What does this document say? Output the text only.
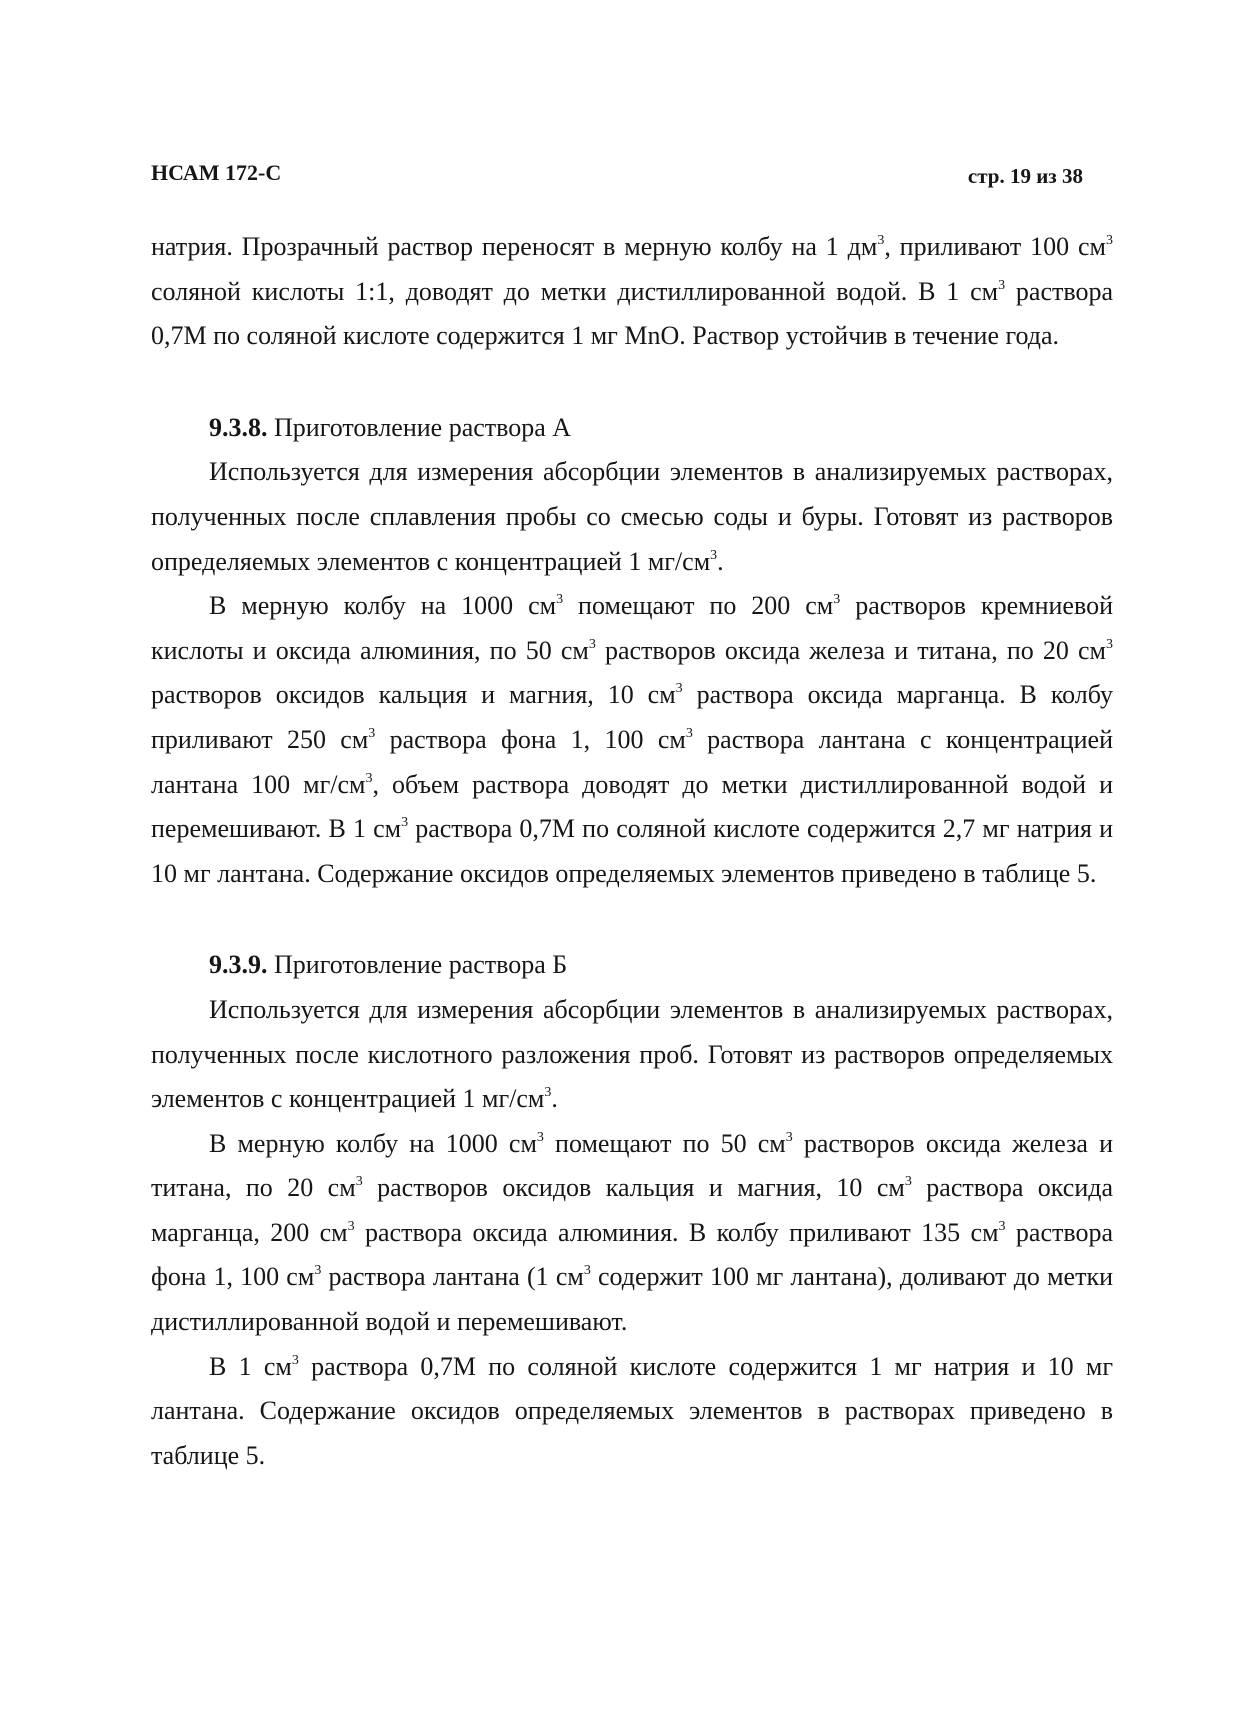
НСАМ 172-С	стр. 19 из 38

натрия. Прозрачный раствор переносят в мерную колбу на 1 $дм^3$, приливают 100 $см^3$ соляной кислоты 1:1, доводят до метки дистиллированной водой. В 1 $см^3$ раствора 0,7М по соляной кислоте содержится 1 мг MnO. Раствор устойчив в течение года.

9.3.8. Приготовление раствора А

Используется для измерения абсорбции элементов в анализируемых растворах, полученных после сплавления пробы со смесью соды и буры. Готовят из растворов определяемых элементов с концентрацией 1 $мг/см^3$.

В мерную колбу на 1000 $см^3$ помещают по 200 $см^3$ растворов кремниевой кислоты и оксида алюминия, по 50 $см^3$ растворов оксида железа и титана, по 20 $см^3$ растворов оксидов кальция и магния, 10 $см^3$ раствора оксида марганца. В колбу приливают 250 $см^3$ раствора фона 1, 100 $см^3$ раствора лантана с концентрацией лантана 100 $мг/см^3$, объем раствора доводят до метки дистиллированной водой и перемешивают. В 1 $см^3$ раствора 0,7М по соляной кислоте содержится 2,7 мг натрия и 10 мг лантана. Содержание оксидов определяемых элементов приведено в таблице 5.

9.3.9. Приготовление раствора Б

Используется для измерения абсорбции элементов в анализируемых растворах, полученных после кислотного разложения проб. Готовят из растворов определяемых элементов с концентрацией 1 $мг/см^3$.

В мерную колбу на 1000 $см^3$ помещают по 50 $см^3$ растворов оксида железа и титана, по 20 $см^3$ растворов оксидов кальция и магния, 10 $см^3$ раствора оксида марганца, 200 $см^3$ раствора оксида алюминия. В колбу приливают 135 $см^3$ раствора фона 1, 100 $см^3$ раствора лантана (1 $см^3$ содержит 100 мг лантана), доливают до метки дистиллированной водой и перемешивают.

В 1 $см^3$ раствора 0,7М по соляной кислоте содержится 1 мг натрия и 10 мг лантана. Содержание оксидов определяемых элементов в растворах приведено в таблице 5.
